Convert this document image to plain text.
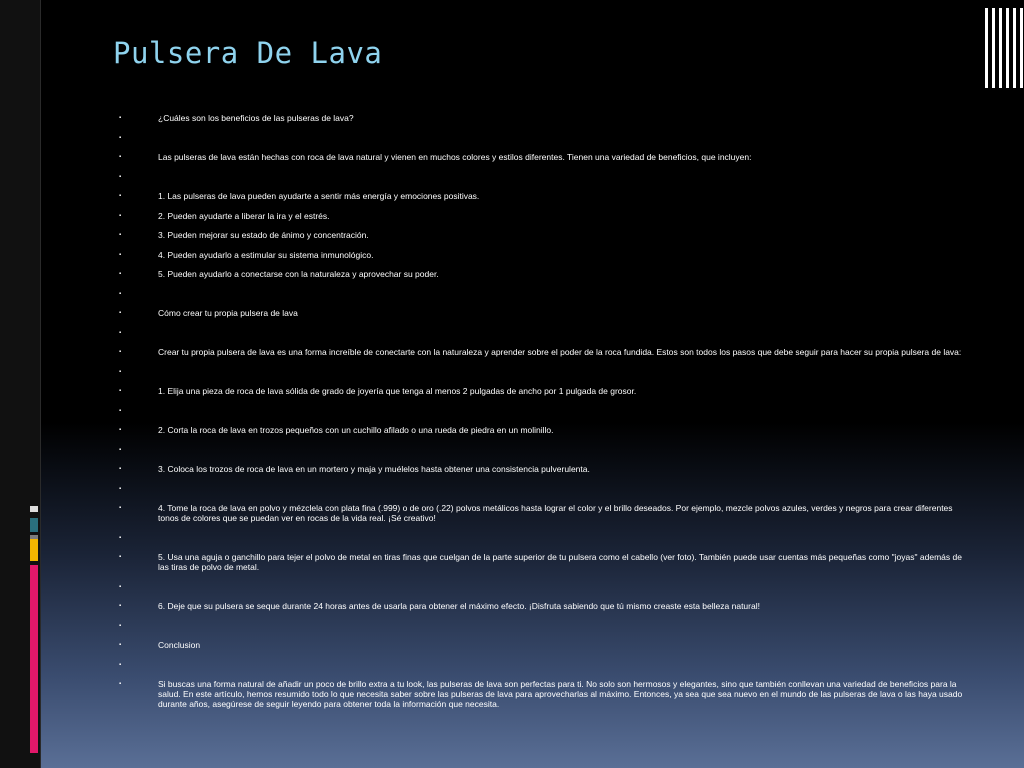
Pulsera De Lava
▪	¿Cuáles son los beneficios de las pulseras de lava?
▪
▪	Las pulseras de lava están hechas con roca de lava natural y vienen en muchos colores y estilos diferentes. Tienen una variedad de beneficios, que incluyen:
▪
▪	1. Las pulseras de lava pueden ayudarte a sentir más energía y emociones positivas.
▪	2. Pueden ayudarte a liberar la ira y el estrés.
▪	3. Pueden mejorar su estado de ánimo y concentración.
▪	4. Pueden ayudarlo a estimular su sistema inmunológico.
▪	5. Pueden ayudarlo a conectarse con la naturaleza y aprovechar su poder.
▪
▪	Cómo crear tu propia pulsera de lava
▪
▪	Crear tu propia pulsera de lava es una forma increíble de conectarte con la naturaleza y aprender sobre el poder de la roca fundida. Estos son todos los pasos que debe seguir para hacer su propia pulsera de lava:
▪
▪	1. Elija una pieza de roca de lava sólida de grado de joyería que tenga al menos 2 pulgadas de ancho por 1 pulgada de grosor.
▪
▪	2. Corta la roca de lava en trozos pequeños con un cuchillo afilado o una rueda de piedra en un molinillo.
▪
▪	3. Coloca los trozos de roca de lava en un mortero y maja y muélelos hasta obtener una consistencia pulverulenta.
▪
▪	4. Tome la roca de lava en polvo y mézclela con plata fina (.999) o de oro (.22) polvos metálicos hasta lograr el color y el brillo deseados. Por ejemplo, mezcle polvos azules, verdes y negros para crear diferentes tonos de colores que se puedan ver en rocas de la vida real. ¡Sé creativo!
▪
▪	5. Usa una aguja o ganchillo para tejer el polvo de metal en tiras finas que cuelgan de la parte superior de tu pulsera como el cabello (ver foto). También puede usar cuentas más pequeñas como "joyas" además de las tiras de polvo de metal.
▪
▪	6. Deje que su pulsera se seque durante 24 horas antes de usarla para obtener el máximo efecto. ¡Disfruta sabiendo que tú mismo creaste esta belleza natural!
▪
▪	Conclusion
▪
▪	Si buscas una forma natural de añadir un poco de brillo extra a tu look, las pulseras de lava son perfectas para ti. No solo son hermosos y elegantes, sino que también conllevan una variedad de beneficios para la salud. En este artículo, hemos resumido todo lo que necesita saber sobre las pulseras de lava para aprovecharlas al máximo. Entonces, ya sea que sea nuevo en el mundo de las pulseras de lava o las haya usado durante años, asegúrese de seguir leyendo para obtener toda la información que necesita.
